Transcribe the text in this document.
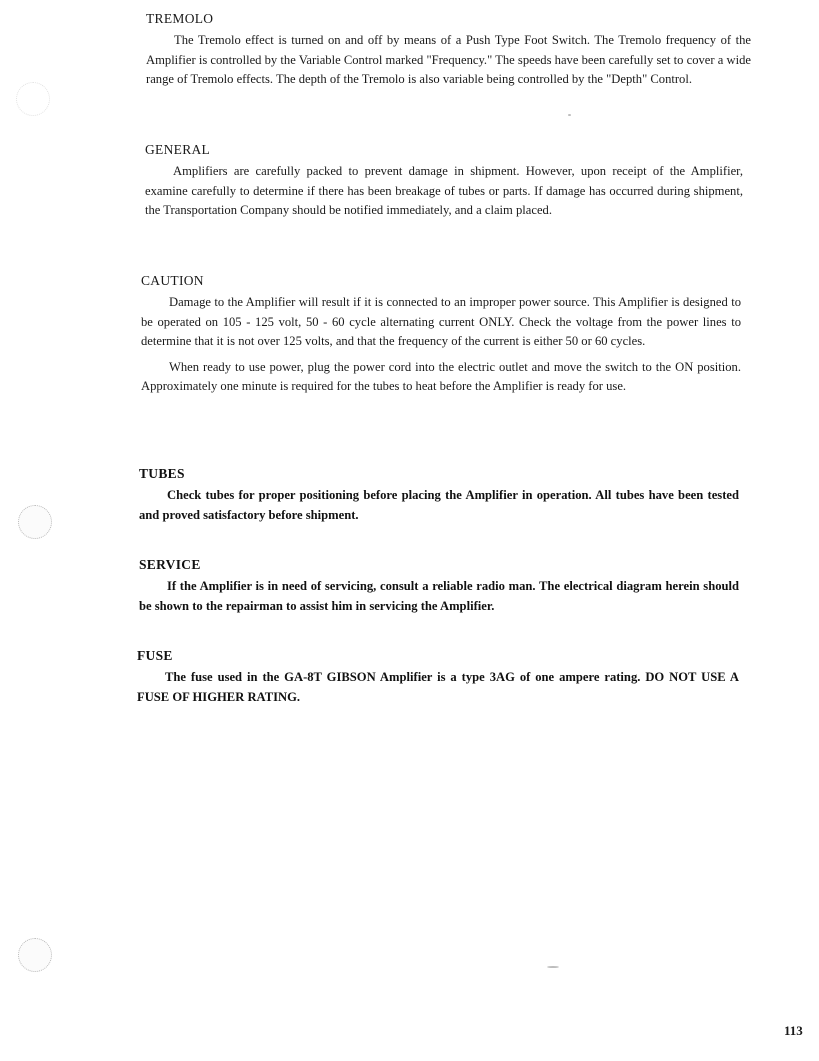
TREMOLO

The Tremolo effect is turned on and off by means of a Push Type Foot Switch. The Tremolo frequency of the Amplifier is controlled by the Variable Control marked "Frequency." The speeds have been carefully set to cover a wide range of Tremolo effects. The depth of the Tremolo is also variable being controlled by the "Depth" Control.

GENERAL

Amplifiers are carefully packed to prevent damage in shipment. However, upon receipt of the Amplifier, examine carefully to determine if there has been breakage of tubes or parts. If damage has occurred during shipment, the Transportation Company should be notified immediately, and a claim placed.

CAUTION

Damage to the Amplifier will result if it is connected to an improper power source. This Amplifier is designed to be operated on 105 - 125 volt, 50 - 60 cycle alternating current ONLY. Check the voltage from the power lines to determine that it is not over 125 volts, and that the frequency of the current is either 50 or 60 cycles.

When ready to use power, plug the power cord into the electric outlet and move the switch to the ON position. Approximately one minute is required for the tubes to heat before the Amplifier is ready for use.

TUBES

Check tubes for proper positioning before placing the Amplifier in operation. All tubes have been tested and proved satisfactory before shipment.

SERVICE

If the Amplifier is in need of servicing, consult a reliable radio man. The electrical diagram herein should be shown to the repairman to assist him in servicing the Amplifier.

FUSE

The fuse used in the GA-8T GIBSON Amplifier is a type 3AG of one ampere rating. DO NOT USE A FUSE OF HIGHER RATING.

113
